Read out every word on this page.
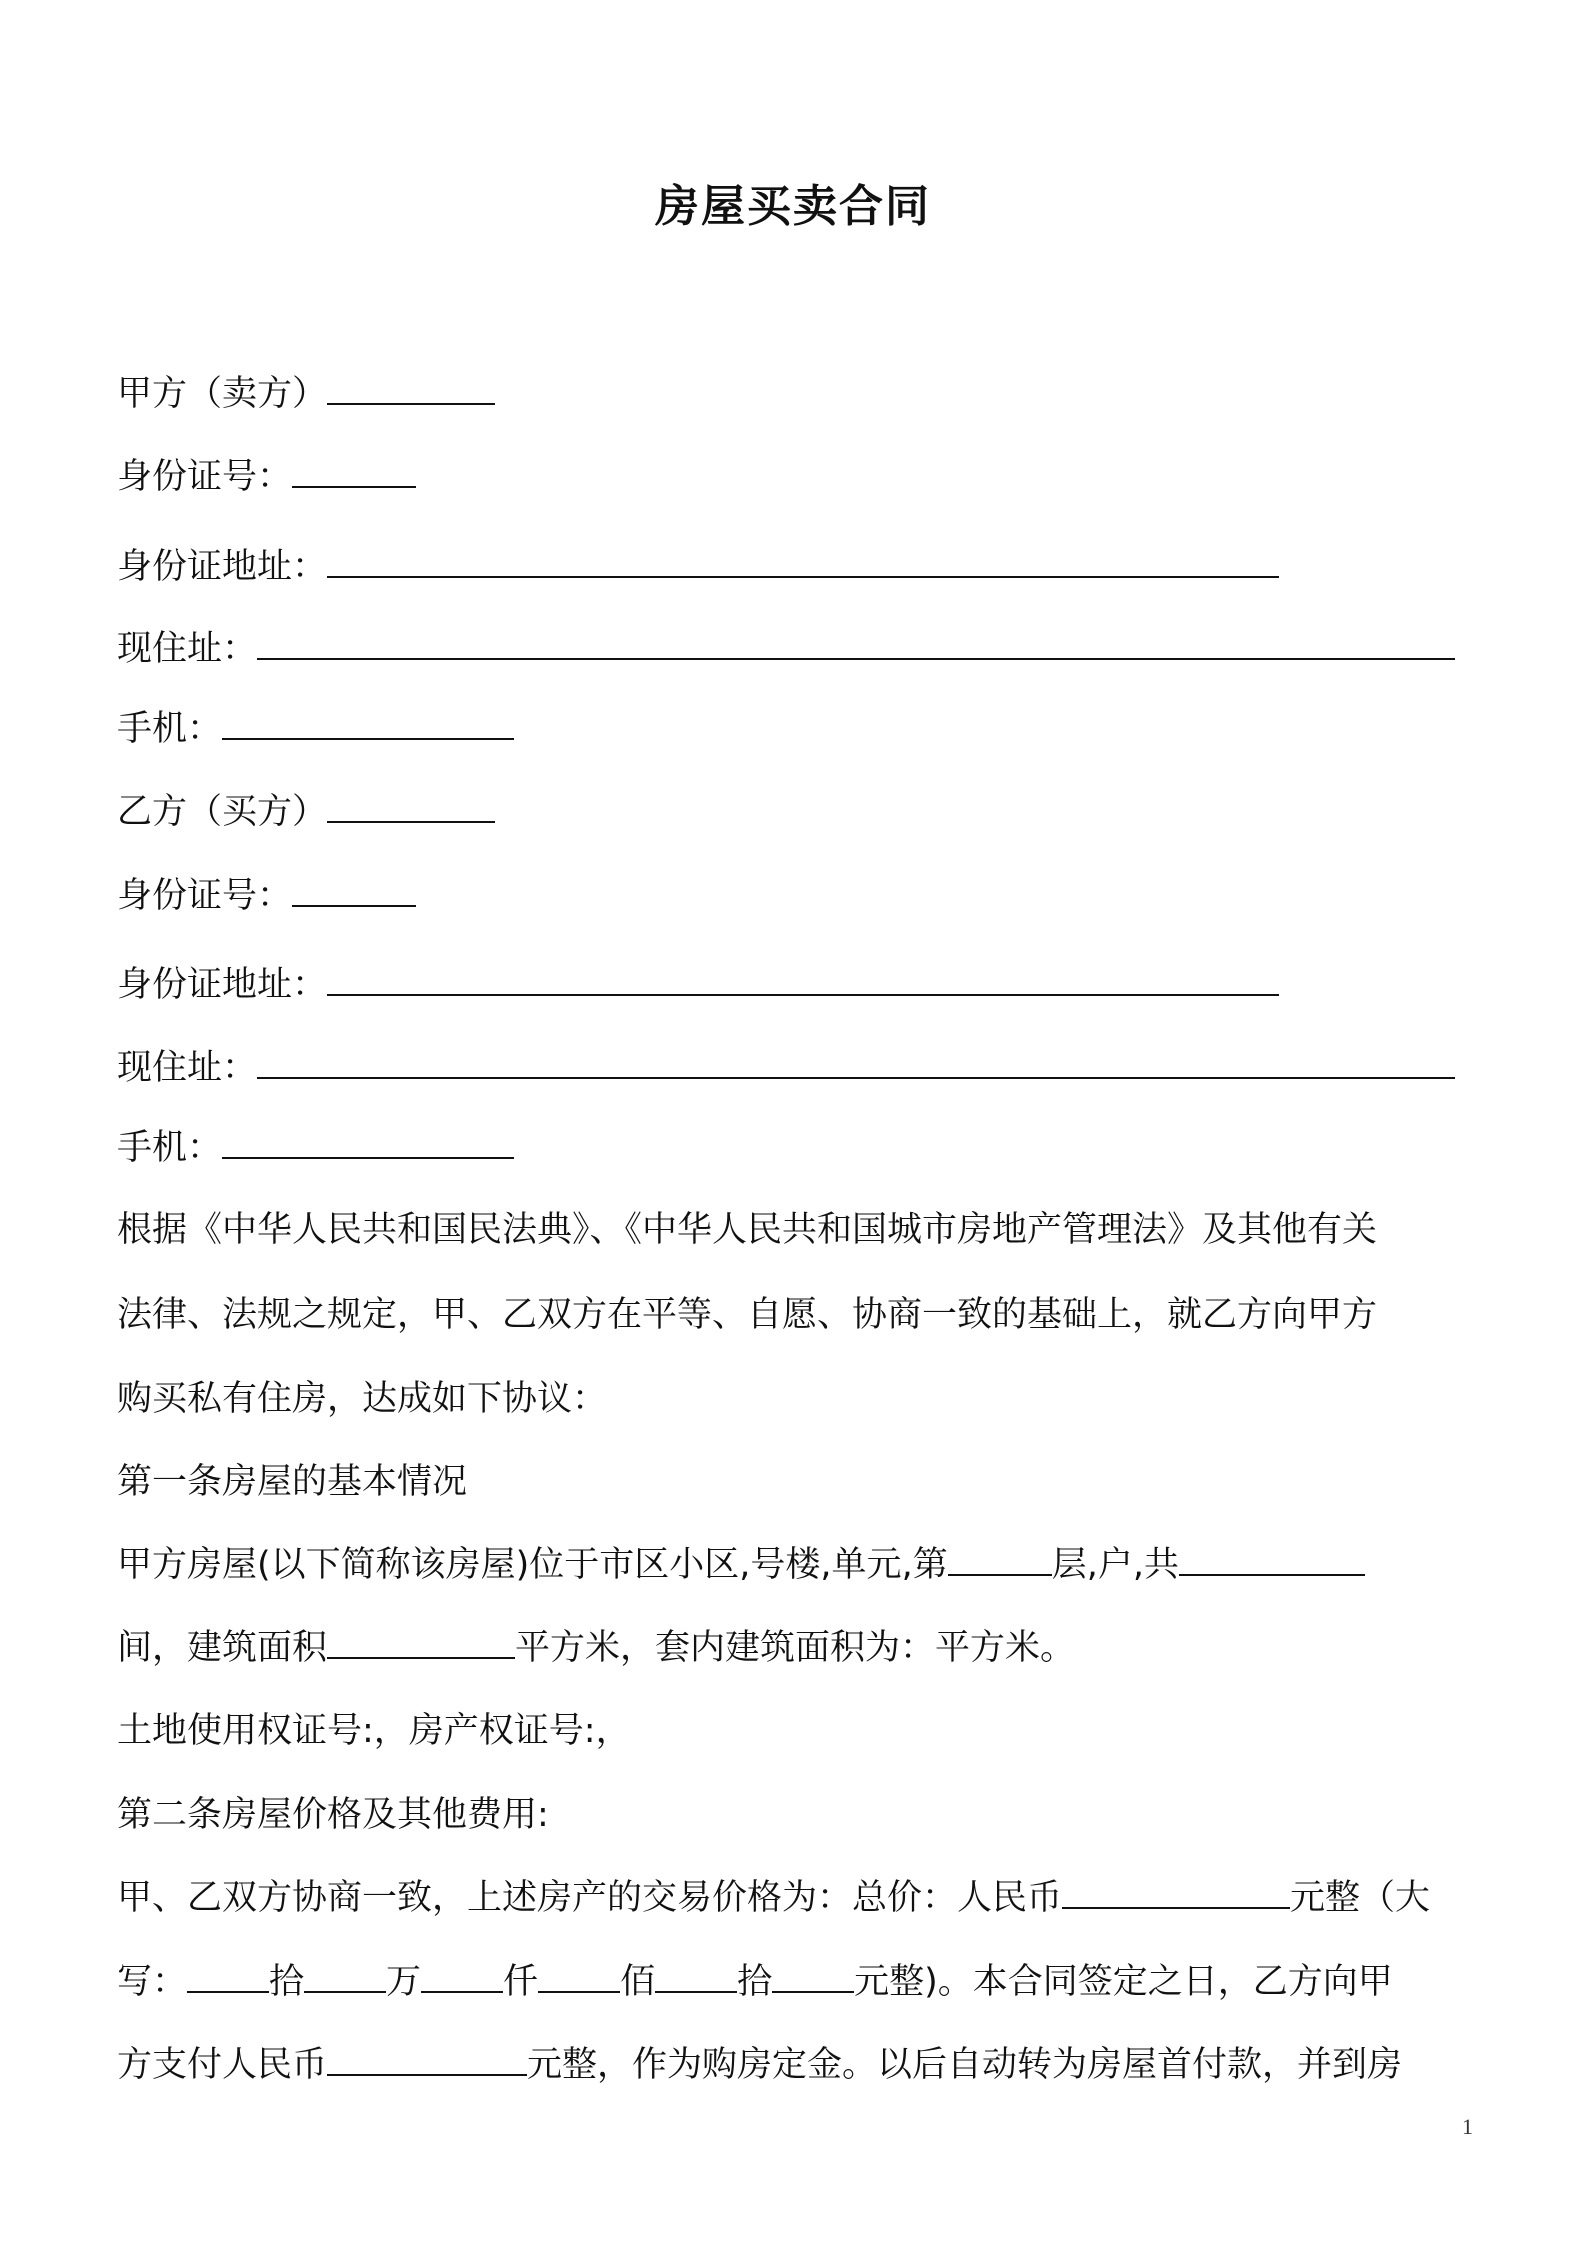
房屋买卖合同
甲方（卖方）
身份证号：
身份证地址：
现住址：
手机：
乙方（买方）
身份证号：
身份证地址：
现住址：
手机：
根据《中华人民共和国民法典》、《中华人民共和国城市房地产管理法》及其他有关
法律、法规之规定，甲、乙双方在平等、自愿、协商一致的基础上，就乙方向甲方
购买私有住房，达成如下协议：
第一条房屋的基本情况
甲方房屋(以下简称该房屋)位于市区小区,号楼,单元,第	层,户,共
间，建筑面积	平方米，套内建筑面积为：平方米。
土地使用权证号:，房产权证号:，
第二条房屋价格及其他费用:
甲、乙双方协商一致，上述房产的交易价格为：总价：人民币	元整（大
写： 拾 万 仟 佰 拾 元整)。本合同签定之日，乙方向甲
方支付人民币	元整，作为购房定金。以后自动转为房屋首付款，并到房
1
